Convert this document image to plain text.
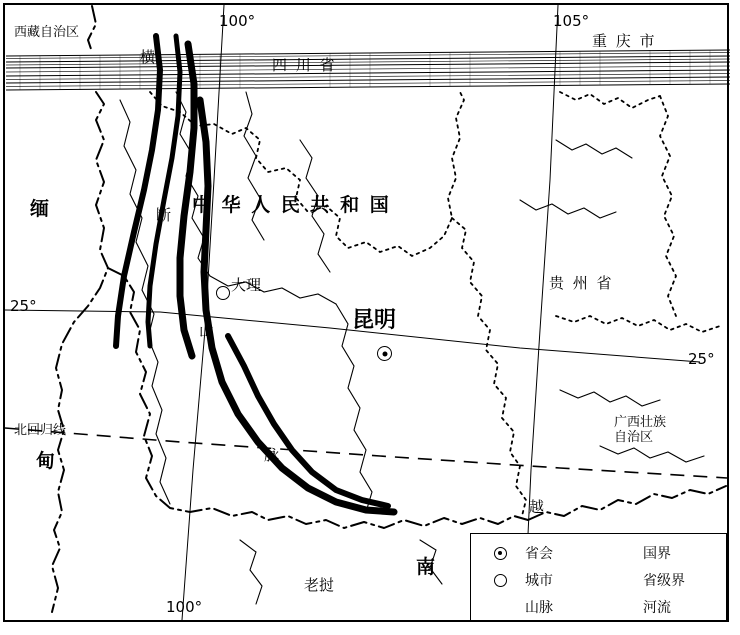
西藏自治区
四 川 省
重 庆 市
贵 州 省
广西壮族
自治区
中 华 人 民 共 和 国
缅
甸
越
南
老挝
横
断
山
脉
昆明
大理
100°	105°
100°
25°
25°
北回归线
省会
城市
山脉
国界
省级界
河流
